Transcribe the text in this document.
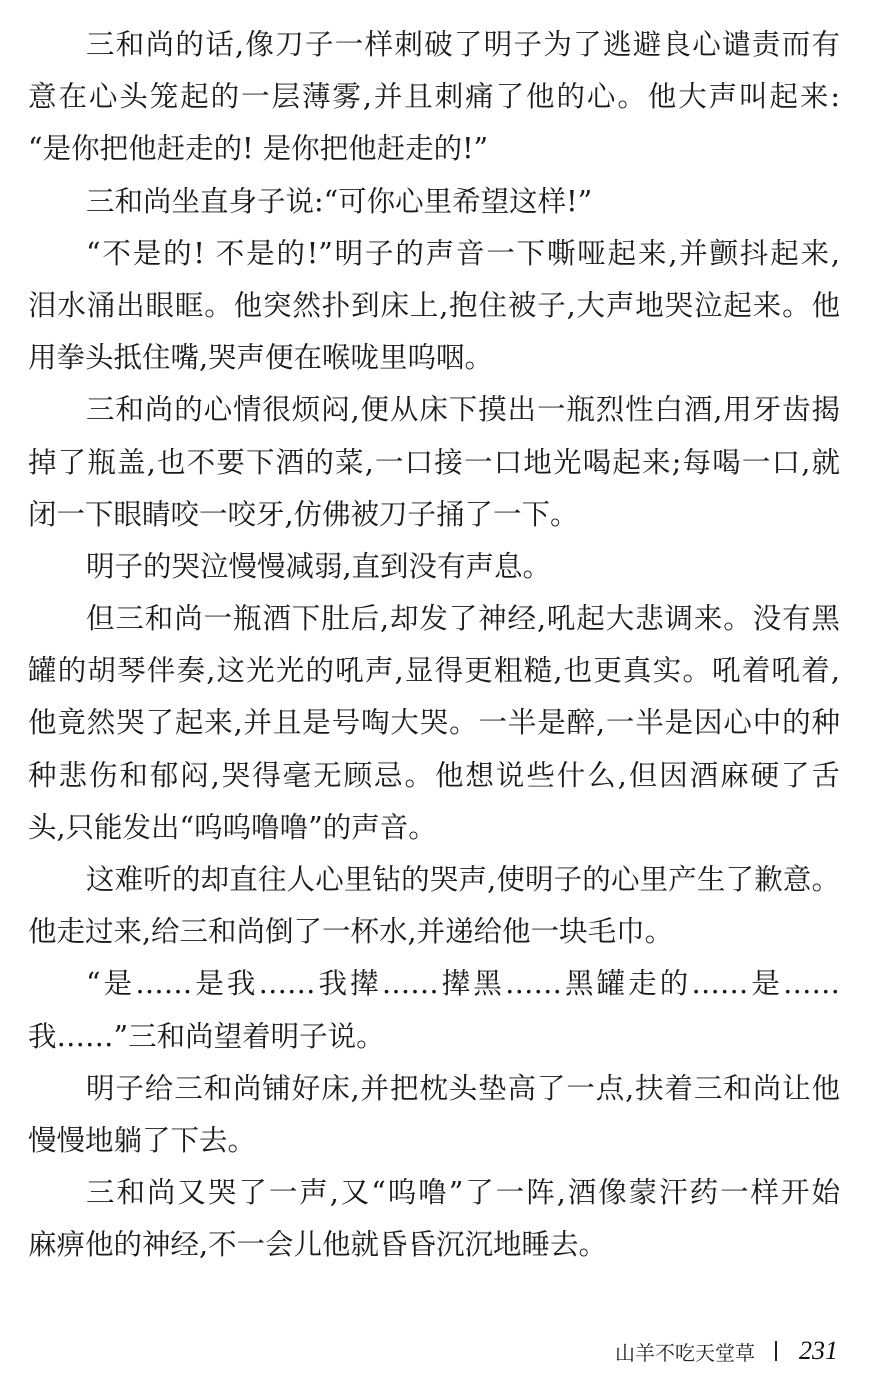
三和尚的话,像刀子一样刺破了明子为了逃避良心谴责而有
意在心头笼起的一层薄雾,并且刺痛了他的心。他大声叫起来:
“是你把他赶走的! 是你把他赶走的!”
三和尚坐直身子说:“可你心里希望这样!”
“不是的! 不是的!”明子的声音一下嘶哑起来,并颤抖起来,
泪水涌出眼眶。他突然扑到床上,抱住被子,大声地哭泣起来。他
用拳头抵住嘴,哭声便在喉咙里呜咽。
三和尚的心情很烦闷,便从床下摸出一瓶烈性白酒,用牙齿揭
掉了瓶盖,也不要下酒的菜,一口接一口地光喝起来;每喝一口,就
闭一下眼睛咬一咬牙,仿佛被刀子捅了一下。
明子的哭泣慢慢减弱,直到没有声息。
但三和尚一瓶酒下肚后,却发了神经,吼起大悲调来。没有黑
罐的胡琴伴奏,这光光的吼声,显得更粗糙,也更真实。吼着吼着,
他竟然哭了起来,并且是号啕大哭。一半是醉,一半是因心中的种
种悲伤和郁闷,哭得毫无顾忌。他想说些什么,但因酒麻硬了舌
头,只能发出“呜呜噜噜”的声音。
这难听的却直往人心里钻的哭声,使明子的心里产生了歉意。
他走过来,给三和尚倒了一杯水,并递给他一块毛巾。
“是……是我……我撵……撵黑……黑罐走的……是……
我……”三和尚望着明子说。
明子给三和尚铺好床,并把枕头垫高了一点,扶着三和尚让他
慢慢地躺了下去。
三和尚又哭了一声,又“呜噜”了一阵,酒像蒙汗药一样开始
麻痹他的神经,不一会儿他就昏昏沉沉地睡去。
山羊不吃天堂草 231
